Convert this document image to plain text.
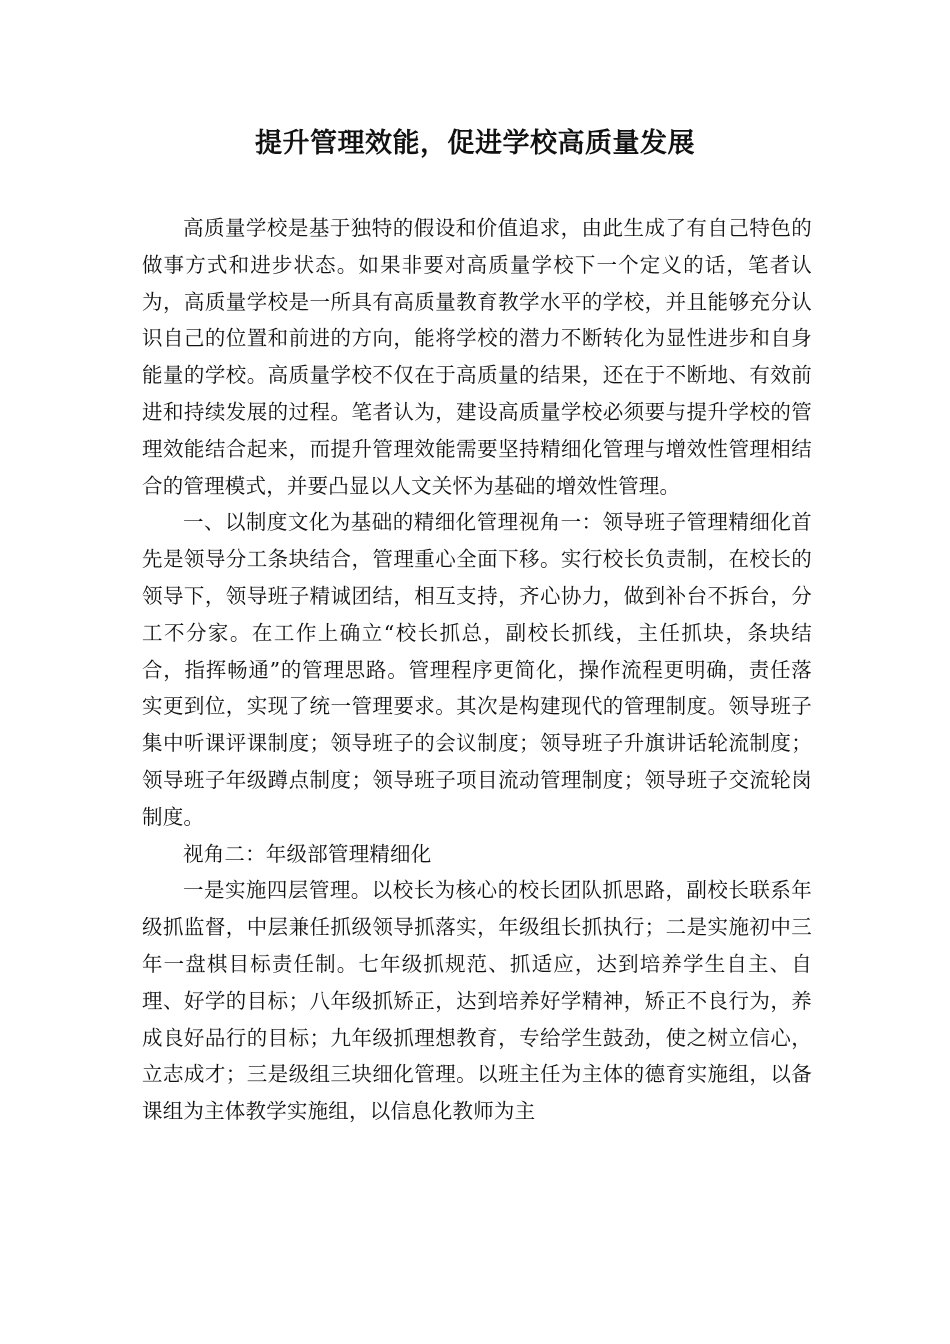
提升管理效能，促进学校高质量发展

高质量学校是基于独特的假设和价值追求，由此生成了有自己特色的做事方式和进步状态。如果非要对高质量学校下一个定义的话，笔者认为，高质量学校是一所具有高质量教育教学水平的学校，并且能够充分认识自己的位置和前进的方向，能将学校的潜力不断转化为显性进步和自身能量的学校。高质量学校不仅在于高质量的结果，还在于不断地、有效前进和持续发展的过程。笔者认为，建设高质量学校必须要与提升学校的管理效能结合起来，而提升管理效能需要坚持精细化管理与增效性管理相结合的管理模式，并要凸显以人文关怀为基础的增效性管理。

一、以制度文化为基础的精细化管理视角一：领导班子管理精细化首先是领导分工条块结合，管理重心全面下移。实行校长负责制，在校长的领导下，领导班子精诚团结，相互支持，齐心协力，做到补台不拆台，分工不分家。在工作上确立“校长抓总，副校长抓线，主任抓块，条块结合，指挥畅通”的管理思路。管理程序更简化，操作流程更明确，责任落实更到位，实现了统一管理要求。其次是构建现代的管理制度。领导班子集中听课评课制度；领导班子的会议制度；领导班子升旗讲话轮流制度；领导班子年级蹲点制度；领导班子项目流动管理制度；领导班子交流轮岗制度。

视角二：年级部管理精细化

一是实施四层管理。以校长为核心的校长团队抓思路，副校长联系年级抓监督，中层兼任抓级领导抓落实，年级组长抓执行；二是实施初中三年一盘棋目标责任制。七年级抓规范、抓适应，达到培养学生自主、自理、好学的目标；八年级抓矫正，达到培养好学精神，矫正不良行为，养成良好品行的目标；九年级抓理想教育，专给学生鼓劲，使之树立信心，立志成才；三是级组三块细化管理。以班主任为主体的德育实施组，以备课组为主体教学实施组，以信息化教师为主
